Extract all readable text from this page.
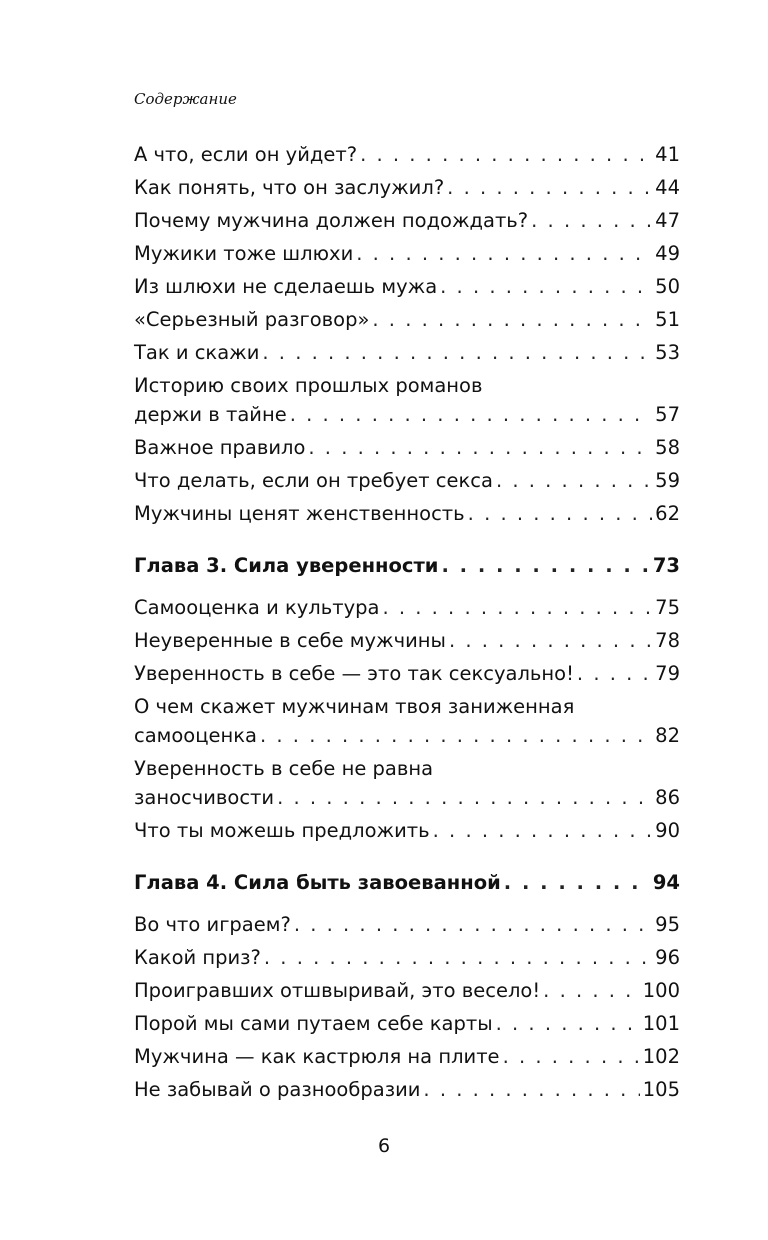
Содержание
А что, если он уйдет? . . .	41
Как понять, что он заслужил? . . .	44
Почему мужчина должен подождать? . . .	47
Мужики тоже шлюхи . . .	49
Из шлюхи не сделаешь мужа . . .	50
«Серьезный разговор» . . .	51
Так и скажи . . .	53
Историю своих прошлых романов
держи в тайне . . .	57
Важное правило . . .	58
Что делать, если он требует секса . . .	59
Мужчины ценят женственность . . .	62
Глава 3. Сила уверенности . . .	73
Самооценка и культура . . .	75
Неуверенные в себе мужчины . . .	78
Уверенность в себе — это так сексуально! . . .	79
О чем скажет мужчинам твоя заниженная
самооценка . . .	82
Уверенность в себе не равна
заносчивости . . .	86
Что ты можешь предложить . . .	90
Глава 4. Сила быть завоеванной . . .	94
Во что играем? . . .	95
Какой приз? . . .	96
Проигравших отшвыривай, это весело! . . .	100
Порой мы сами путаем себе карты . . .	101
Мужчина — как кастрюля на плите . . .	102
Не забывай о разнообразии . . .	105
6
